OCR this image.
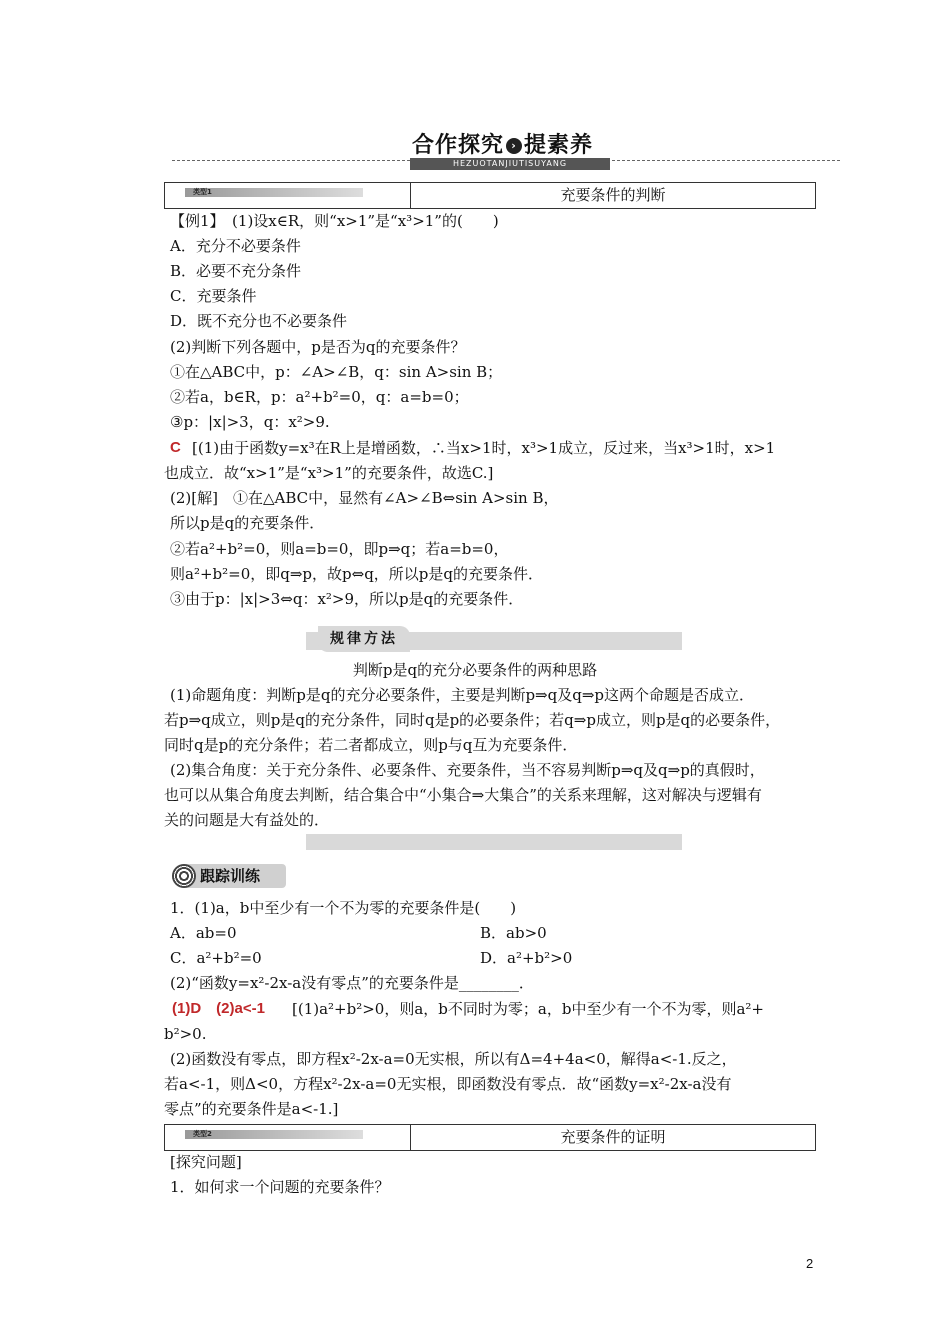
合作探究 › 提素养
HEZUOTANJIUTISUYANG
类型1	充要条件的判断
【例1】　(1)设x∈R，则“x>1”是“x³>1”的(　　)
A．充分不必要条件
B．必要不充分条件
C．充要条件
D．既不充分也不必要条件
(2)判断下列各题中，p是否为q的充要条件？
①在△ABC中，p：∠A>∠B，q：sin A>sin B；
②若a，b∈R，p：a²+b²=0，q：a=b=0；
③p：|x|>3，q：x²>9.
C [(1)由于函数y=x³在R上是增函数，∴当x>1时，x³>1成立，反过来，当x³>1时，x>1
也成立．故“x>1”是“x³>1”的充要条件，故选C.]
(2)[解]　①在△ABC中，显然有∠A>∠B⇔sin A>sin B，
所以p是q的充要条件．
②若a²+b²=0，则a=b=0，即p⇒q；若a=b=0，
则a²+b²=0，即q⇒p，故p⇔q，所以p是q的充要条件．
③由于p：|x|>3⇔q：x²>9，所以p是q的充要条件．
规律方法
判断p是q的充分必要条件的两种思路
(1)命题角度：判断p是q的充分必要条件，主要是判断p⇒q及q⇒p这两个命题是否成立．
若p⇒q成立，则p是q的充分条件，同时q是p的必要条件；若q⇒p成立，则p是q的必要条件，
同时q是p的充分条件；若二者都成立，则p与q互为充要条件．
(2)集合角度：关于充分条件、必要条件、充要条件，当不容易判断p⇒q及q⇒p的真假时，
也可以从集合角度去判断，结合集合中“小集合⇒大集合”的关系来理解，这对解决与逻辑有
关的问题是大有益处的．
跟踪训练
1．(1)a，b中至少有一个不为零的充要条件是(　　)
A．ab=0	B．ab>0
C．a²+b²=0	D．a²+b²>0
(2)“函数y=x²-2x-a没有零点”的充要条件是________．
(1)D　(2)a<-1 [(1)a²+b²>0，则a，b不同时为零；a，b中至少有一个不为零，则a²+
b²>0.
(2)函数没有零点，即方程x²-2x-a=0无实根，所以有Δ=4+4a<0，解得a<-1.反之，
若a<-1，则Δ<0，方程x²-2x-a=0无实根，即函数没有零点．故“函数y=x²-2x-a没有
零点”的充要条件是a<-1.]
类型2	充要条件的证明
[探究问题]
1．如何求一个问题的充要条件？
2
